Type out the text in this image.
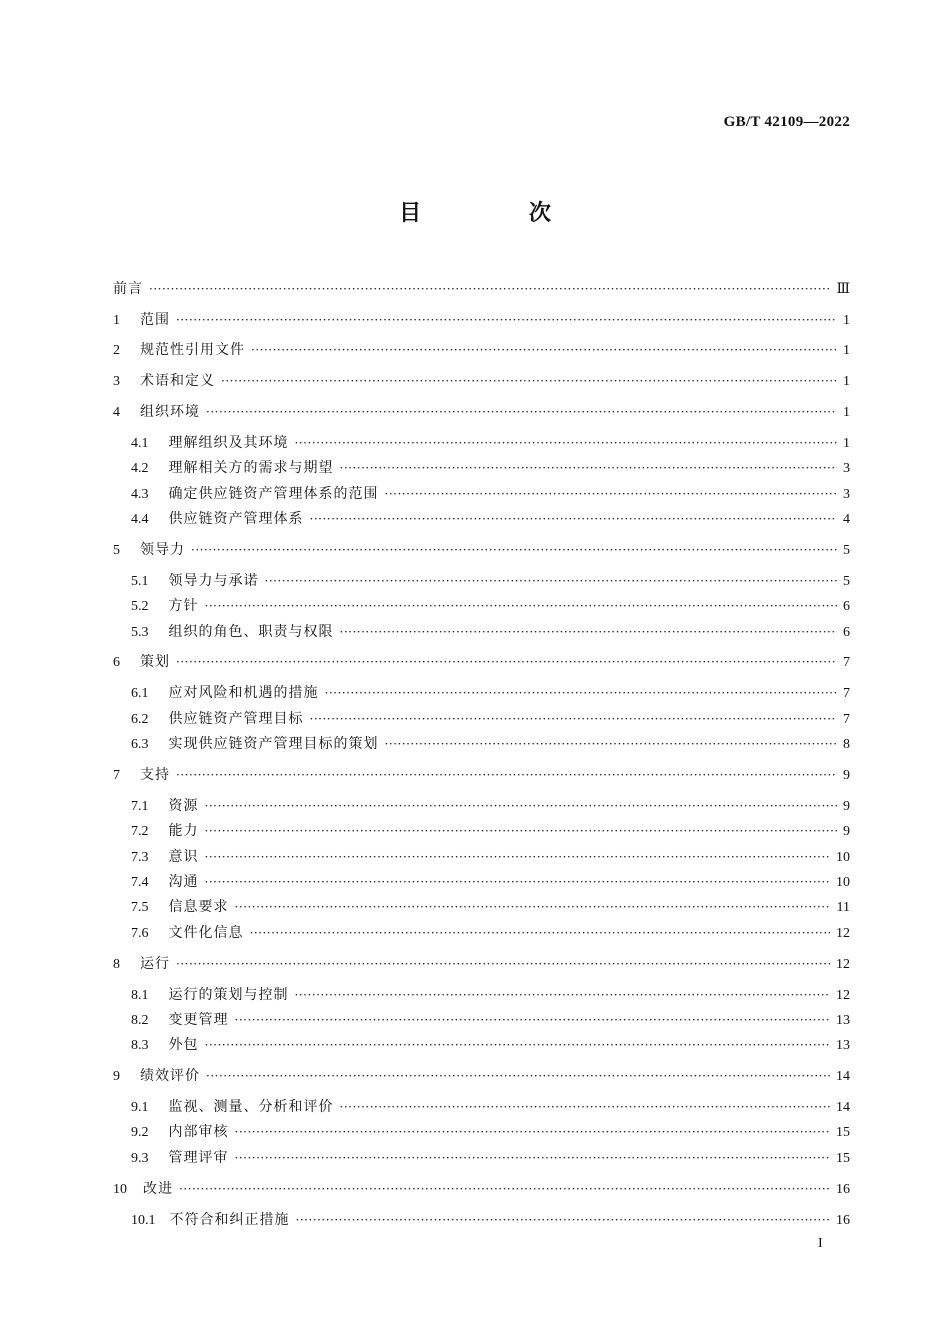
GB/T 42109—2022
目 次
前言 ·····	Ⅲ
1 范围 ·····	1
2 规范性引用文件 ·····	1
3 术语和定义 ·····	1
4 组织环境 ·····	1
4.1 理解组织及其环境 ·····	1
4.2 理解相关方的需求与期望 ·····	3
4.3 确定供应链资产管理体系的范围 ·····	3
4.4 供应链资产管理体系 ·····	4
5 领导力 ·····	5
5.1 领导力与承诺 ·····	5
5.2 方针 ·····	6
5.3 组织的角色、职责与权限 ·····	6
6 策划 ·····	7
6.1 应对风险和机遇的措施 ·····	7
6.2 供应链资产管理目标 ·····	7
6.3 实现供应链资产管理目标的策划 ·····	8
7 支持 ·····	9
7.1 资源 ·····	9
7.2 能力 ·····	9
7.3 意识 ·····	10
7.4 沟通 ·····	10
7.5 信息要求 ·····	11
7.6 文件化信息 ·····	12
8 运行 ·····	12
8.1 运行的策划与控制 ·····	12
8.2 变更管理 ·····	13
8.3 外包 ·····	13
9 绩效评价 ·····	14
9.1 监视、测量、分析和评价 ·····	14
9.2 内部审核 ·····	15
9.3 管理评审 ·····	15
10 改进 ·····	16
10.1 不符合和纠正措施 ·····	16
I
